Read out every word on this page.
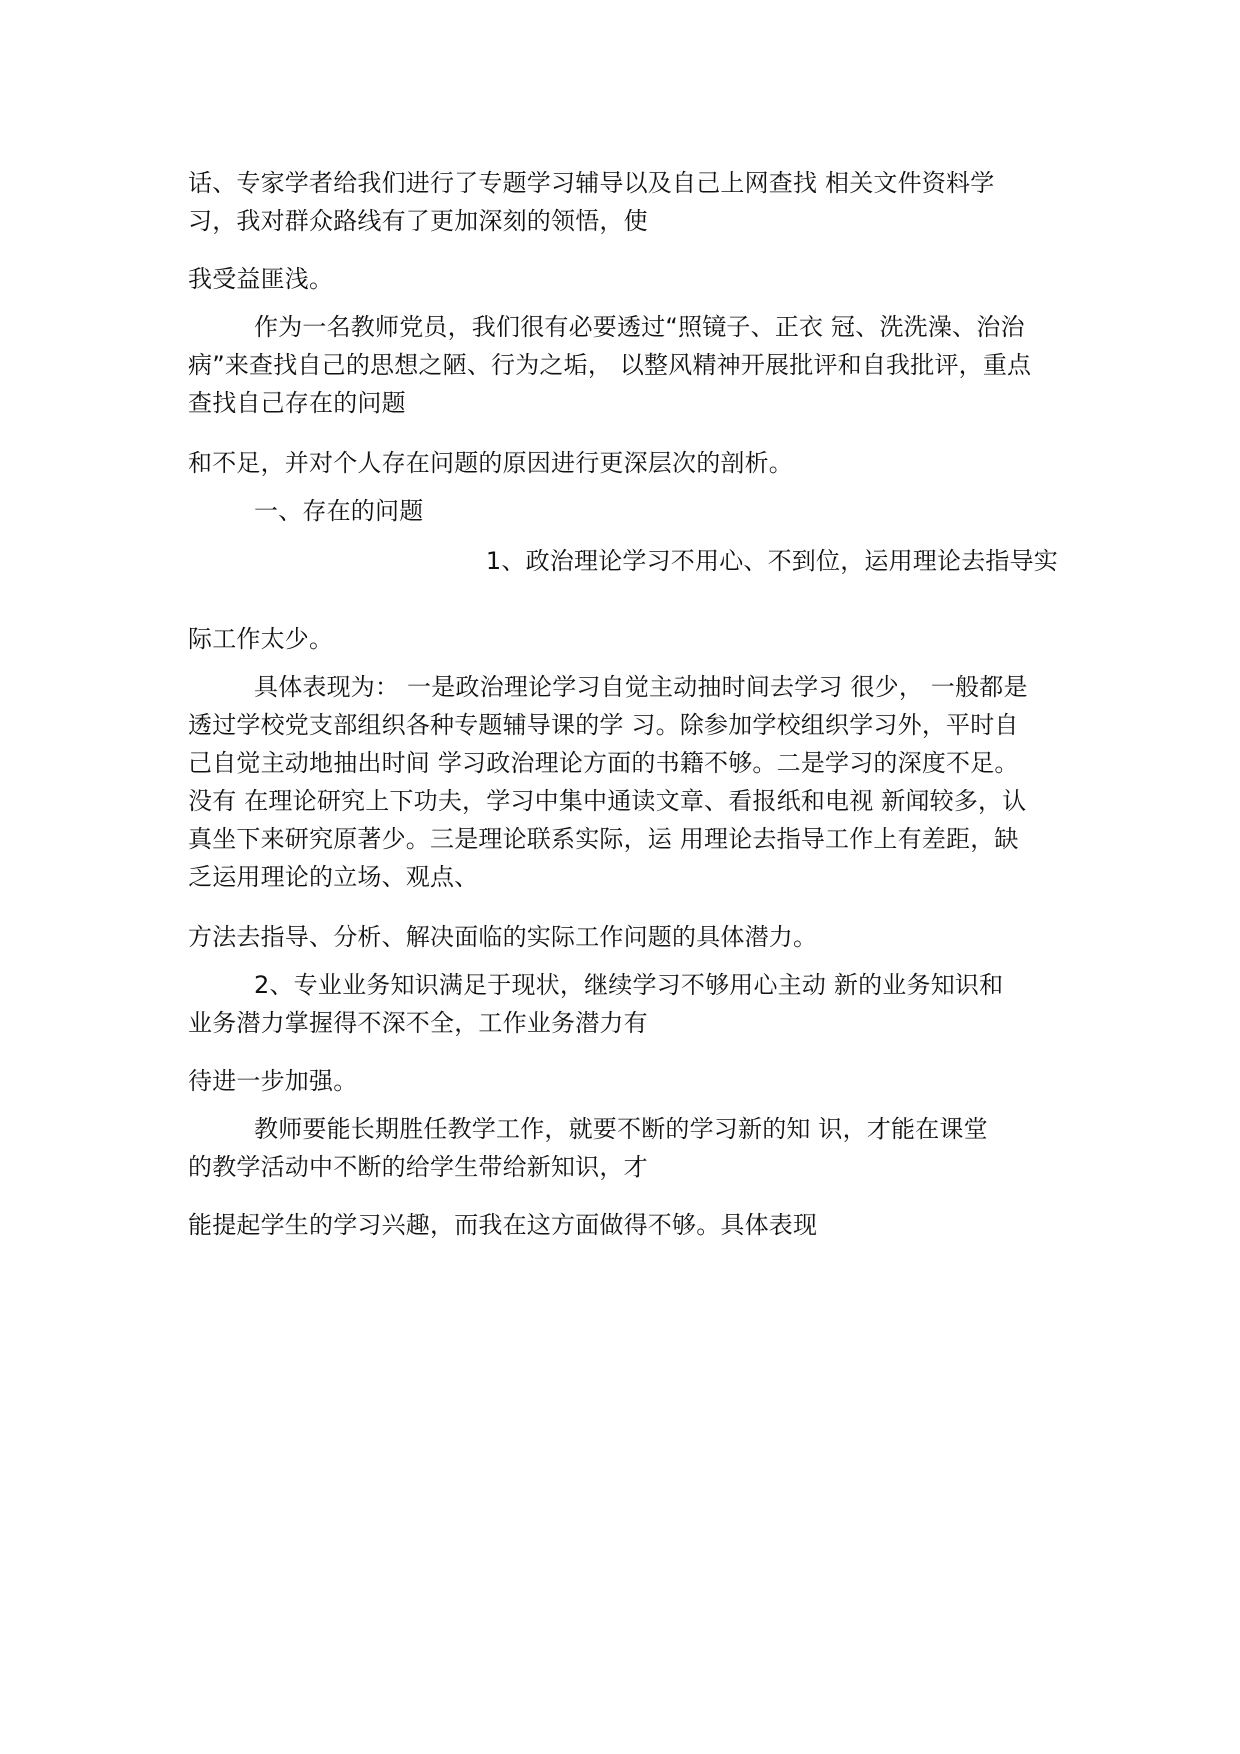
话、专家学者给我们进行了专题学习辅导以及自己上网查找 相关文件资料学
习，我对群众路线有了更加深刻的领悟，使

我受益匪浅。

作为一名教师党员，我们很有必要透过“照镜子、正衣 冠、洗洗澡、治治
病”来查找自己的思想之陋、行为之垢， 以整风精神开展批评和自我批评，重点
查找自己存在的问题

和不足，并对个人存在问题的原因进行更深层次的剖析。

一、存在的问题

1、政治理论学习不用心、不到位，运用理论去指导实

际工作太少。

具体表现为： 一是政治理论学习自觉主动抽时间去学习 很少， 一般都是
透过学校党支部组织各种专题辅导课的学 习。除参加学校组织学习外，平时自
己自觉主动地抽出时间 学习政治理论方面的书籍不够。二是学习的深度不足。
没有 在理论研究上下功夫，学习中集中通读文章、看报纸和电视 新闻较多，认
真坐下来研究原著少。三是理论联系实际，运 用理论去指导工作上有差距，缺
乏运用理论的立场、观点、

方法去指导、分析、解决面临的实际工作问题的具体潜力。

2、专业业务知识满足于现状，继续学习不够用心主动 新的业务知识和
业务潜力掌握得不深不全，工作业务潜力有

待进一步加强。

教师要能长期胜任教学工作，就要不断的学习新的知 识，才能在课堂
的教学活动中不断的给学生带给新知识，才

能提起学生的学习兴趣，而我在这方面做得不够。具体表现
